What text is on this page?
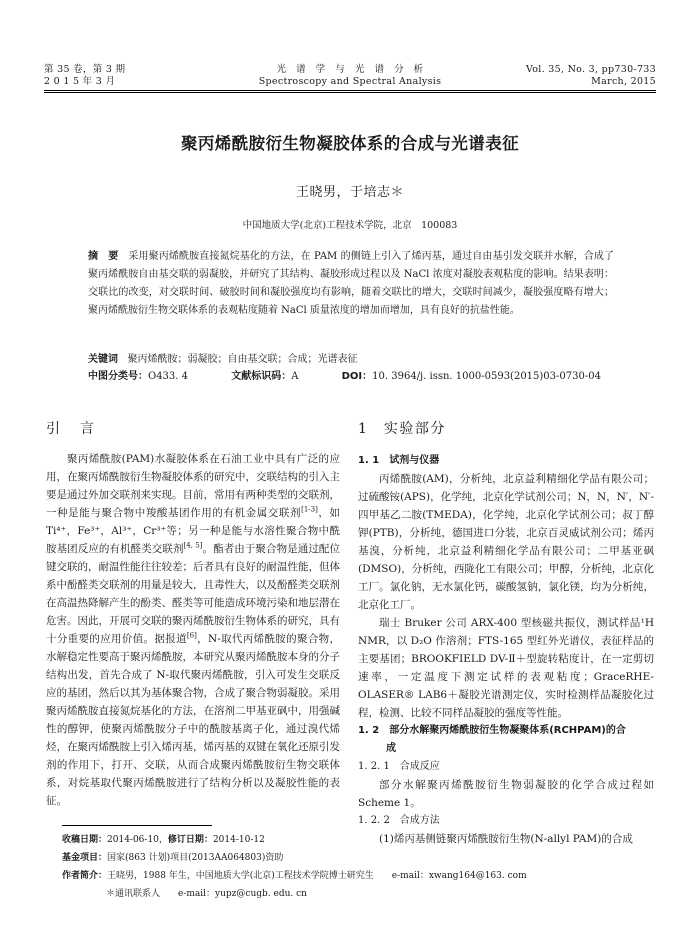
第 35 卷，第 3 期
2 0 1 5 年 3 月
光　谱　学　与　光　谱　分　析
Spectroscopy and Spectral Analysis
Vol. 35, No. 3, pp730-733
March, 2015
聚丙烯酰胺衍生物凝胶体系的合成与光谱表征
王晓男，于培志＊
中国地质大学(北京)工程技术学院，北京　100083
摘　要 采用聚丙烯酰胺直接氮烷基化的方法，在 PAM 的侧链上引入了烯丙基，通过自由基引发交联并水解，合成了聚丙烯酰胺自由基交联的弱凝胶，并研究了其结构、凝胶形成过程以及 NaCl 浓度对凝胶表观粘度的影响。结果表明：交联比的改变，对交联时间、破胶时间和凝胶强度均有影响，随着交联比的增大，交联时间减少，凝胶强度略有增大；聚丙烯酰胺衍生物交联体系的表观粘度随着 NaCl 质量浓度的增加而增加，具有良好的抗盐性能。
关键词 聚丙烯酰胺；弱凝胶；自由基交联；合成；光谱表征
中图分类号：O433. 4	文献标识码：A	DOI：10. 3964/j. issn. 1000-0593(2015)03-0730-04
引　言

聚丙烯酰胺(PAM)水凝胶体系在石油工业中具有广泛的应用，在聚丙烯酰胺衍生物凝胶体系的研究中，交联结构的引入主要是通过外加交联剂来实现。目前，常用有两种类型的交联剂，一种是能与聚合物中羧酸基团作用的有机金属交联剂[1-3]，如 Ti⁴⁺，Fe³⁺，Al³⁺，Cr³⁺等；另一种是能与水溶性聚合物中酰胺基团反应的有机醛类交联剂[4, 5]。酯者由于聚合物是通过配位键交联的，耐温性能往往较差；后者具有良好的耐温性能，但体系中酚醛类交联剂的用量是较大，且毒性大，以及酚醛类交联剂在高温热降解产生的酚类、醛类等可能造成环境污染和地层潜在危害。因此，开展可交联的聚丙烯酰胺衍生物体系的研究，具有十分重要的应用价值。据报道[6]，N-取代丙烯酰胺的聚合物，水解稳定性要高于聚丙烯酰胺，本研究从聚丙烯酰胺本身的分子结构出发，首先合成了 N-取代聚丙烯酰胺，引入可发生交联反应的基团，然后以其为基体聚合物，合成了聚合物弱凝胶。采用聚丙烯酰胺直接氮烷基化的方法，在溶剂二甲基亚砜中，用强碱性的醇钾，使聚丙烯酰胺分子中的酰胺基离子化，通过溴代烯烃，在聚丙烯酰胺上引入烯丙基，烯丙基的双键在氧化还原引发剂的作用下，打开、交联，从而合成聚丙烯酰胺衍生物交联体系，对烷基取代聚丙烯酰胺进行了结构分析以及凝胶性能的表征。

1　实验部分
1. 1　试剂与仪器

丙烯酰胺(AM)，分析纯，北京益利精细化学品有限公司；过硫酸铵(APS)，化学纯，北京化学试剂公司；N，N，N′，N′-四甲基乙二胺(TMEDA)，化学纯，北京化学试剂公司；叔丁醇钾(PTB)，分析纯，德国进口分装，北京百灵威试剂公司；烯丙基溴，分析纯，北京益利精细化学品有限公司；二甲基亚砜(DMSO)，分析纯，西陇化工有限公司；甲醇，分析纯，北京化工厂。氯化钠，无水氯化钙，碳酸氢钠，氯化镁，均为分析纯，北京化工厂。

瑞士 Bruker 公司 ARX-400 型核磁共振仪，测试样品¹H NMR，以 D₂O 作溶剂；FTS-165 型红外光谱仪，表征样品的主要基团；BROOKFIELD DV-Ⅱ＋型旋转粘度计，在一定剪切速率，一定温度下测定试样的表观粘度；GraceRHE-OLASER® LAB6＋凝胶光谱测定仪，实时检测样品凝胶化过程，检测、比较不同样品凝胶的强度等性能。

1. 2　部分水解聚丙烯酰胺衍生物凝聚体系(RCHPAM)的合
成
1. 2. 1　合成反应

部分水解聚丙烯酰胺衍生物弱凝胶的化学合成过程如 Scheme 1。

1. 2. 2　合成方法

(1)烯丙基侧链聚丙烯酰胺衍生物(N-allyl PAM)的合成

收稿日期：2014-06-10，修订日期：2014-10-12
基金项目：国家(863 计划)项目(2013AA064803)资助
作者简介：王晓男，1988 年生，中国地质大学(北京)工程技术学院博士研究生　　e-mail：xwang164@163. com
＊通讯联系人　　e-mail：yupz@cugb. edu. cn
